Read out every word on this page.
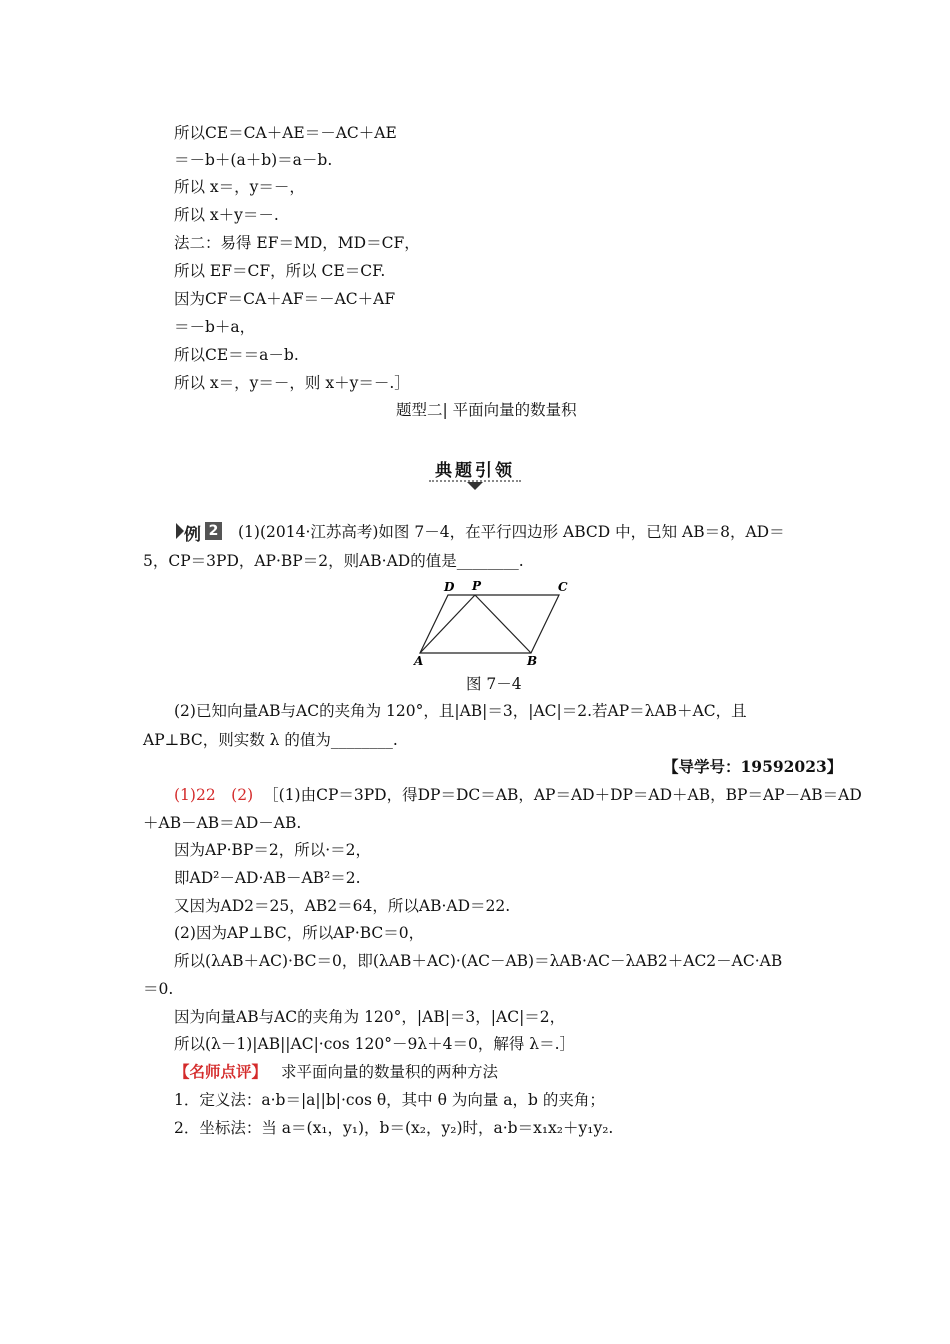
所以CE＝CA＋AE＝－AC＋AE
＝－b＋(a＋b)＝a－b.
所以 x＝，y＝－，
所以 x＋y＝－.
法二：易得 EF＝MD，MD＝CF，
所以 EF＝CF，所以 CE＝CF.
因为CF＝CA＋AF＝－AC＋AF
＝－b＋a，
所以CE＝＝a－b.
所以 x＝，y＝－，则 x＋y＝－.］
题型二| 平面向量的数量积
典题引领
例 2 (1)(2014·江苏高考)如图 7－4，在平行四边形 ABCD 中，已知 AB＝8，AD＝
5，CP＝3PD，AP·BP＝2，则AB·AD的值是________.
D P	C
A	B
图 7－4
(2)已知向量AB与AC的夹角为 120°，且|AB|＝3，|AC|＝2.若AP＝λAB＋AC，且
AP⊥BC，则实数 λ 的值为________.
【导学号：19592023】
(1)22　(2) ［(1)由CP＝3PD，得DP＝DC＝AB，AP＝AD＋DP＝AD＋AB，BP＝AP－AB＝AD
＋AB－AB＝AD－AB.
因为AP·BP＝2，所以·＝2，
即AD²－AD·AB－AB²＝2.
又因为AD2＝25，AB2＝64，所以AB·AD＝22.
(2)因为AP⊥BC，所以AP·BC＝0，
所以(λAB＋AC)·BC＝0，即(λAB＋AC)·(AC－AB)＝λAB·AC－λAB2＋AC2－AC·AB
＝0.
因为向量AB与AC的夹角为 120°，|AB|＝3，|AC|＝2，
所以(λ－1)|AB||AC|·cos 120°－9λ＋4＝0，解得 λ＝.］
【名师点评】 求平面向量的数量积的两种方法
1．定义法：a·b＝|a||b|·cos θ，其中 θ 为向量 a，b 的夹角；
2．坐标法：当 a＝(x₁，y₁)，b＝(x₂，y₂)时，a·b＝x₁x₂＋y₁y₂.
